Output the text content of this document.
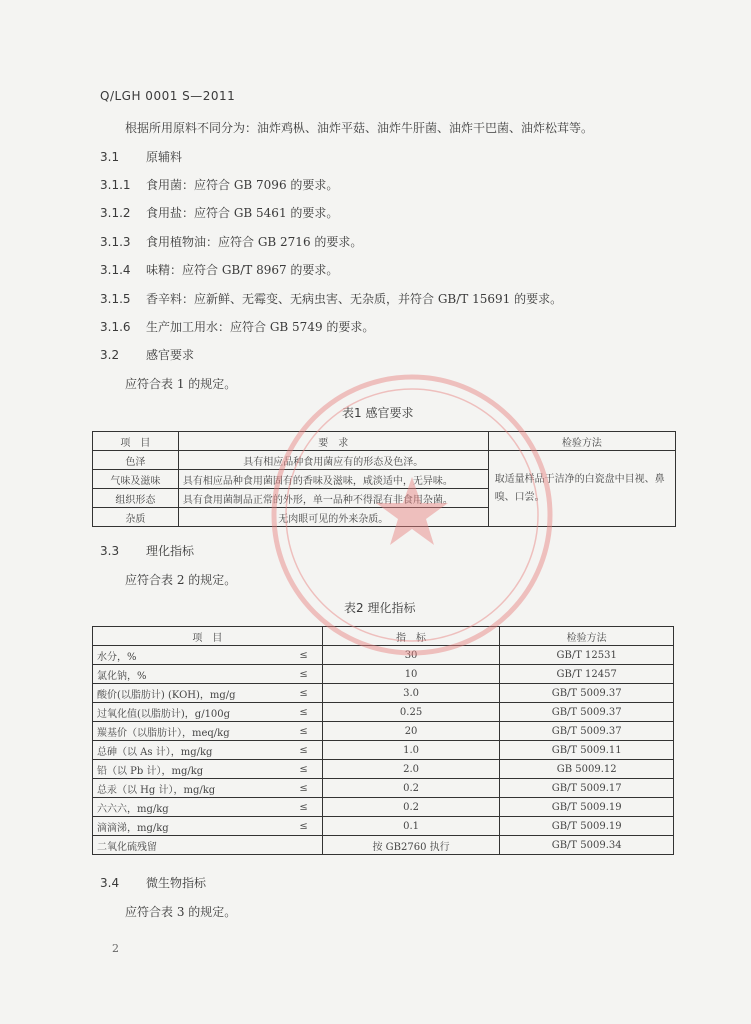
Q/LGH 0001 S—2011
根据所用原料不同分为：油炸鸡枞、油炸平菇、油炸牛肝菌、油炸干巴菌、油炸松茸等。
3.1 原辅料
3.1.1 食用菌：应符合 GB 7096 的要求。
3.1.2 食用盐：应符合 GB 5461 的要求。
3.1.3 食用植物油：应符合 GB 2716 的要求。
3.1.4 味精：应符合 GB/T 8967 的要求。
3.1.5 香辛料：应新鲜、无霉变、无病虫害、无杂质，并符合 GB/T 15691 的要求。
3.1.6 生产加工用水：应符合 GB 5749 的要求。
3.2 感官要求
应符合表 1 的规定。
表1 感官要求
项　目	要　求	检验方法
色泽	具有相应品种食用菌应有的形态及色泽。	取适量样品于洁净的白瓷盘中目视、鼻嗅、口尝。
气味及滋味	具有相应品种食用菌固有的香味及滋味，咸淡适中，无异味。	
组织形态	具有食用菌制品正常的外形，单一品种不得混有非食用杂菌。	
杂质	无肉眼可见的外来杂质。	
3.3 理化指标
应符合表 2 的规定。
表2 理化指标
项　目		指　标	检验方法
水分，%	≤	30	GB/T 12531
氯化钠，%	≤	10	GB/T 12457
酸价(以脂肪计) (KOH)，mg/g	≤	3.0	GB/T 5009.37
过氧化值(以脂肪计)，g/100g	≤	0.25	GB/T 5009.37
羰基价（以脂肪计），meq/kg	≤	20	GB/T 5009.37
总砷（以 As 计），mg/kg	≤	1.0	GB/T 5009.11
铅（以 Pb 计），mg/kg	≤	2.0	GB 5009.12
总汞（以 Hg 计），mg/kg	≤	0.2	GB/T 5009.17
六六六，mg/kg	≤	0.2	GB/T 5009.19
滴滴涕，mg/kg	≤	0.1	GB/T 5009.19
二氧化硫残留		按 GB2760 执行	GB/T 5009.34
3.4 微生物指标
应符合表 3 的规定。
2
